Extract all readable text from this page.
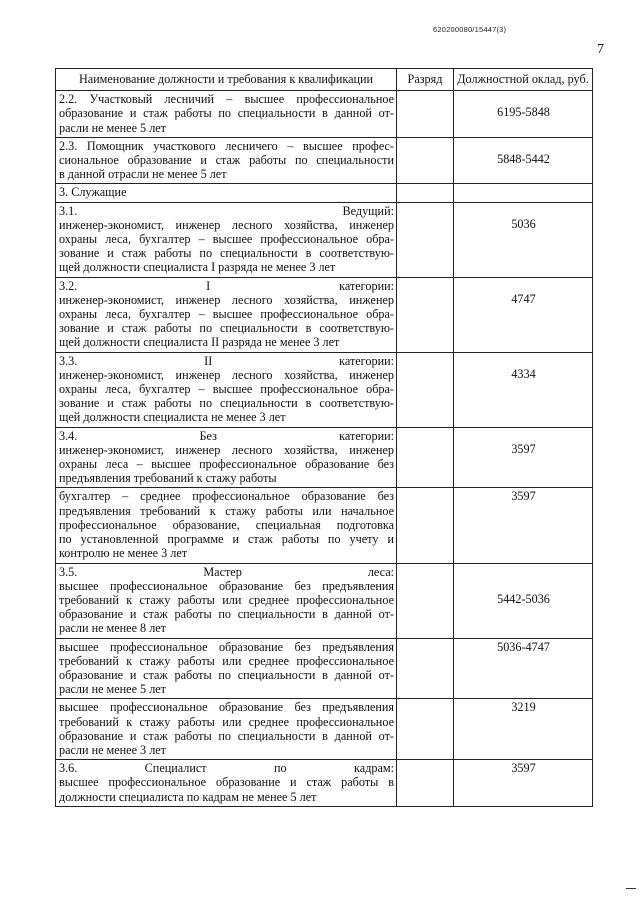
620200080/15447(3)
7
Наименование должности и требования к квалификации	Разряд	Должностной оклад, руб.

2.2. Участковый лесничий – высшее профессиональное
образование и стаж работы по специальности в данной от-
расли не менее 5 лет		6195-5848

2.3. Помощник участкового лесничего – высшее профес-
сиональное образование и стаж работы по специальности
в данной отрасли не менее 5 лет		5848-5442

3. Служащие		

3.1. Ведущий:
инженер-экономист, инженер лесного хозяйства, инженер
охраны леса, бухгалтер – высшее профессиональное обра-
зование и стаж работы по специальности в соответствую-
щей должности специалиста I разряда не менее 3 лет		5036

3.2. I категории:
инженер-экономист, инженер лесного хозяйства, инженер
охраны леса, бухгалтер – высшее профессиональное обра-
зование и стаж работы по специальности в соответствую-
щей должности специалиста II разряда не менее 3 лет		4747

3.3. II категории:
инженер-экономист, инженер лесного хозяйства, инженер
охраны леса, бухгалтер – высшее профессиональное обра-
зование и стаж работы по специальности в соответствую-
щей должности специалиста не менее 3 лет		4334

3.4. Без категории:
инженер-экономист, инженер лесного хозяйства, инженер
охраны леса – высшее профессиональное образование без
предъявления требований к стажу работы		3597

бухгалтер – среднее профессиональное образование без
предъявления требований к стажу работы или начальное
профессиональное образование, специальная подготовка
по установленной программе и стаж работы по учету и
контролю не менее 3 лет		3597

3.5. Мастер леса:
высшее профессиональное образование без предъявления
требований к стажу работы или среднее профессиональное
образование и стаж работы по специальности в данной от-
расли не менее 8 лет		5442-5036

высшее профессиональное образование без предъявления
требований к стажу работы или среднее профессиональное
образование и стаж работы по специальности в данной от-
расли не менее 5 лет		5036-4747

высшее профессиональное образование без предъявления
требований к стажу работы или среднее профессиональное
образование и стаж работы по специальности в данной от-
расли не менее 3 лет		3219

3.6. Специалист по кадрам:
высшее профессиональное образование и стаж работы в
должности специалиста по кадрам не менее 5 лет		3597
